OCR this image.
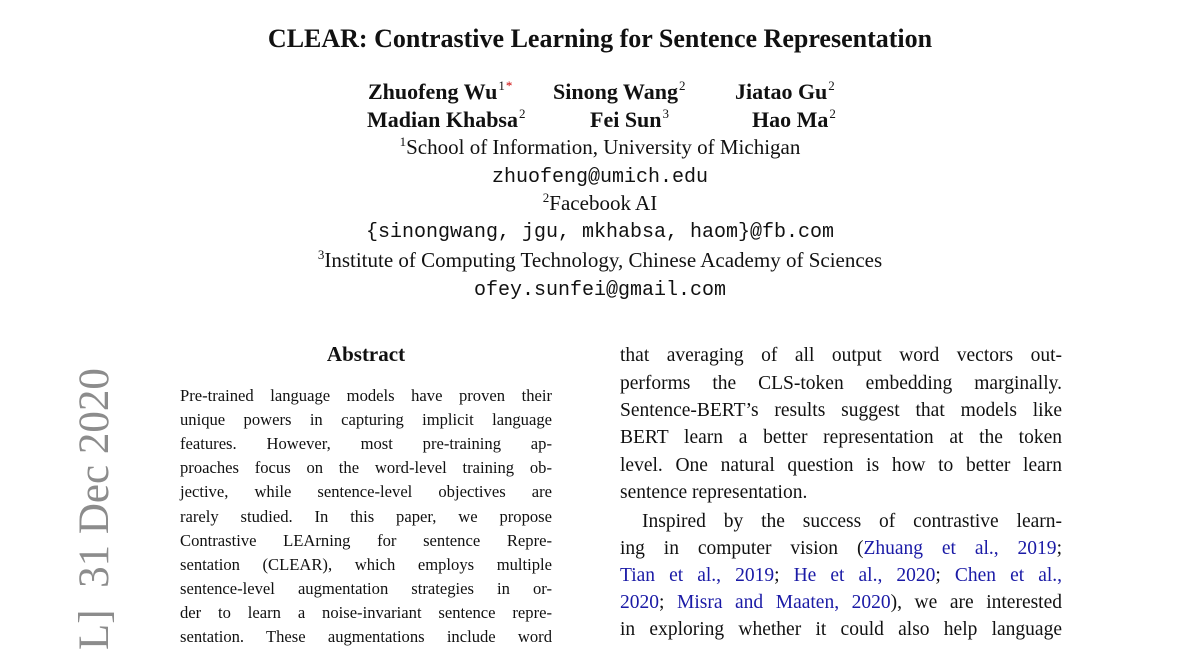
L]  31 Dec 2020
CLEAR: Contrastive Learning for Sentence Representation
Zhuofeng $Wu^{1*}$ Sinong Wang$^2$ Jiatao Gu$^2$
Madian Khabsa$^2$	Fei Sun$^3$	Hao Ma$^2$
$^1$School of Information, University of Michigan
zhuofeng@umich.edu
$^2$Facebook AI
{sinongwang, jgu, mkhabsa, haom}@fb.com
$^3$Institute of Computing Technology, Chinese Academy of Sciences
ofey.sunfei@gmail.com
Abstract
Pre-trained language models have proven their
unique powers in capturing implicit language
features. However, most pre-training ap-
proaches focus on the word-level training ob-
jective, while sentence-level objectives are
rarely studied. In this paper, we propose
Contrastive LEArning for sentence Repre-
sentation (CLEAR), which employs multiple
sentence-level augmentation strategies in or-
der to learn a noise-invariant sentence repre-
sentation. These augmentations include word
that averaging of all output word vectors out-
performs the CLS-token embedding marginally.
Sentence-BERT’s results suggest that models like
BERT learn a better representation at the token
level. One natural question is how to better learn
sentence representation.
Inspired by the success of contrastive learn-
ing in computer vision (Zhuang et al., 2019;
Tian et al., 2019; He et al., 2020; Chen et al.,
2020; Misra and Maaten, 2020), we are interested
in exploring whether it could also help language
